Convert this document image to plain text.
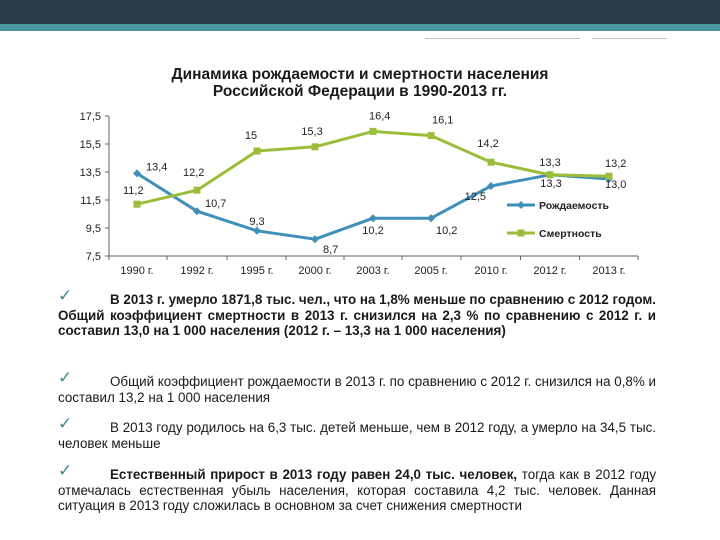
Динамика рождаемости и смертности населения
Российской Федерации в 1990-2013 гг.
7,5
9,5
11,5
13,5
15,5
17,5
1990 г. 1992 г. 1995 г. 2000 г. 2003 г. 2005 г. 2010 г. 2012 г. 2013 г.
13,4
10,7
9,3
8,7
10,2	10,2
12,5
13,3	13,2
11,2
12,2
15	15,3
16,4	16,1
14,2
13,3	13,0
Рождаемость
Смертность
✓	В 2013 г. умерло 1871,8 тыс. чел., что на 1,8% меньше по сравнению с 2012 годом. Общий коэффициент смертности в 2013 г. снизился на 2,3 % по сравнению с 2012 г. и составил 13,0 на 1 000 населения (2012 г. – 13,3 на 1 000 населения)
✓	Общий коэффициент рождаемости в 2013 г. по сравнению с 2012 г. снизился на 0,8% и составил 13,2 на 1 000 населения
✓	В 2013 году родилось на 6,3 тыс. детей меньше, чем в 2012 году, а умерло на 34,5 тыс. человек меньше
✓	Естественный прирост в 2013 году равен 24,0 тыс. человек, тогда как в 2012 году отмечалась естественная убыль населения, которая составила 4,2 тыс. человек. Данная ситуация в 2013 году сложилась в основном за счет снижения смертности
